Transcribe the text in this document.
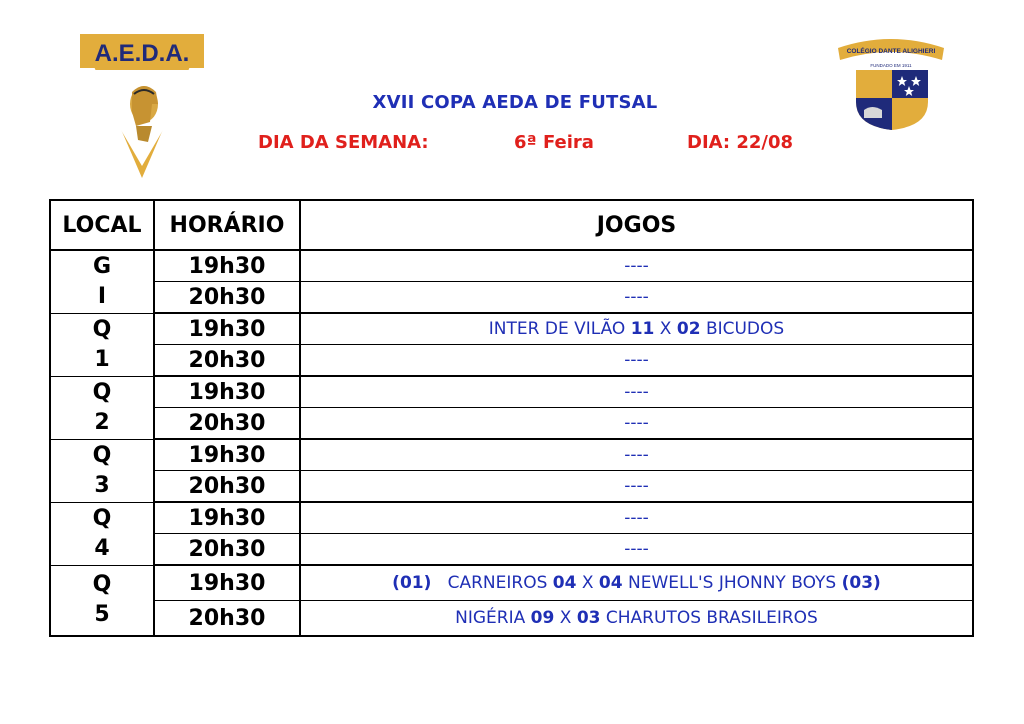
A.E.D.A.	COLÉGIO DANTE ALIGHIERI
FUNDADO EM 1911
XVII COPA AEDA DE FUTSAL
DIA DA SEMANA:	6ª Feira	DIA: 22/08
LOCAL	HORÁRIO	JOGOS

G
I	19h30	----
	20h30	----

Q
1	19h30	INTER DE VILÃO 11 X 02 BICUDOS
	20h30	----

Q
2	19h30	----
	20h30	----

Q
3	19h30	----
	20h30	----

Q
4	19h30	----
	20h30	----

Q
5	19h30	(01) CARNEIROS 04 X 04 NEWELL'S JHONNY BOYS (03)
	20h30	NIGÉRIA 09 X 03 CHARUTOS BRASILEIROS
